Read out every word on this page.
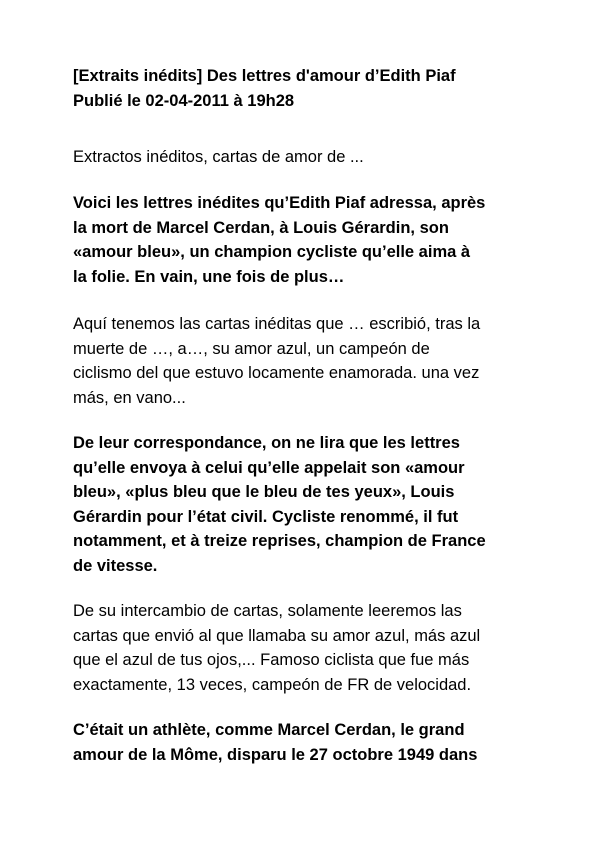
[Extraits inédits] Des lettres d'amour d’Edith Piaf
Publié le 02-04-2011 à 19h28
Extractos inéditos, cartas de amor de ...
Voici les lettres inédites qu’Edith Piaf adressa, après
la mort de Marcel Cerdan, à Louis Gérardin, son
«amour bleu», un champion cycliste qu’elle aima à
la folie. En vain, une fois de plus…
Aquí tenemos las cartas inéditas que … escribió, tras la
muerte de …, a…, su amor azul, un campeón de
ciclismo del que estuvo locamente enamorada. una vez
más, en vano...
De leur correspondance, on ne lira que les lettres
qu’elle envoya à celui qu’elle appelait son «amour
bleu», «plus bleu que le bleu de tes yeux», Louis
Gérardin pour l’état civil. Cycliste renommé, il fut
notamment, et à treize reprises, champion de France
de vitesse.
De su intercambio de cartas, solamente leeremos las
cartas que envió al que llamaba su amor azul, más azul
que el azul de tus ojos,... Famoso ciclista que fue más
exactamente, 13 veces, campeón de FR de velocidad.
C’était un athlète, comme Marcel Cerdan, le grand
amour de la Môme, disparu le 27 octobre 1949 dans
